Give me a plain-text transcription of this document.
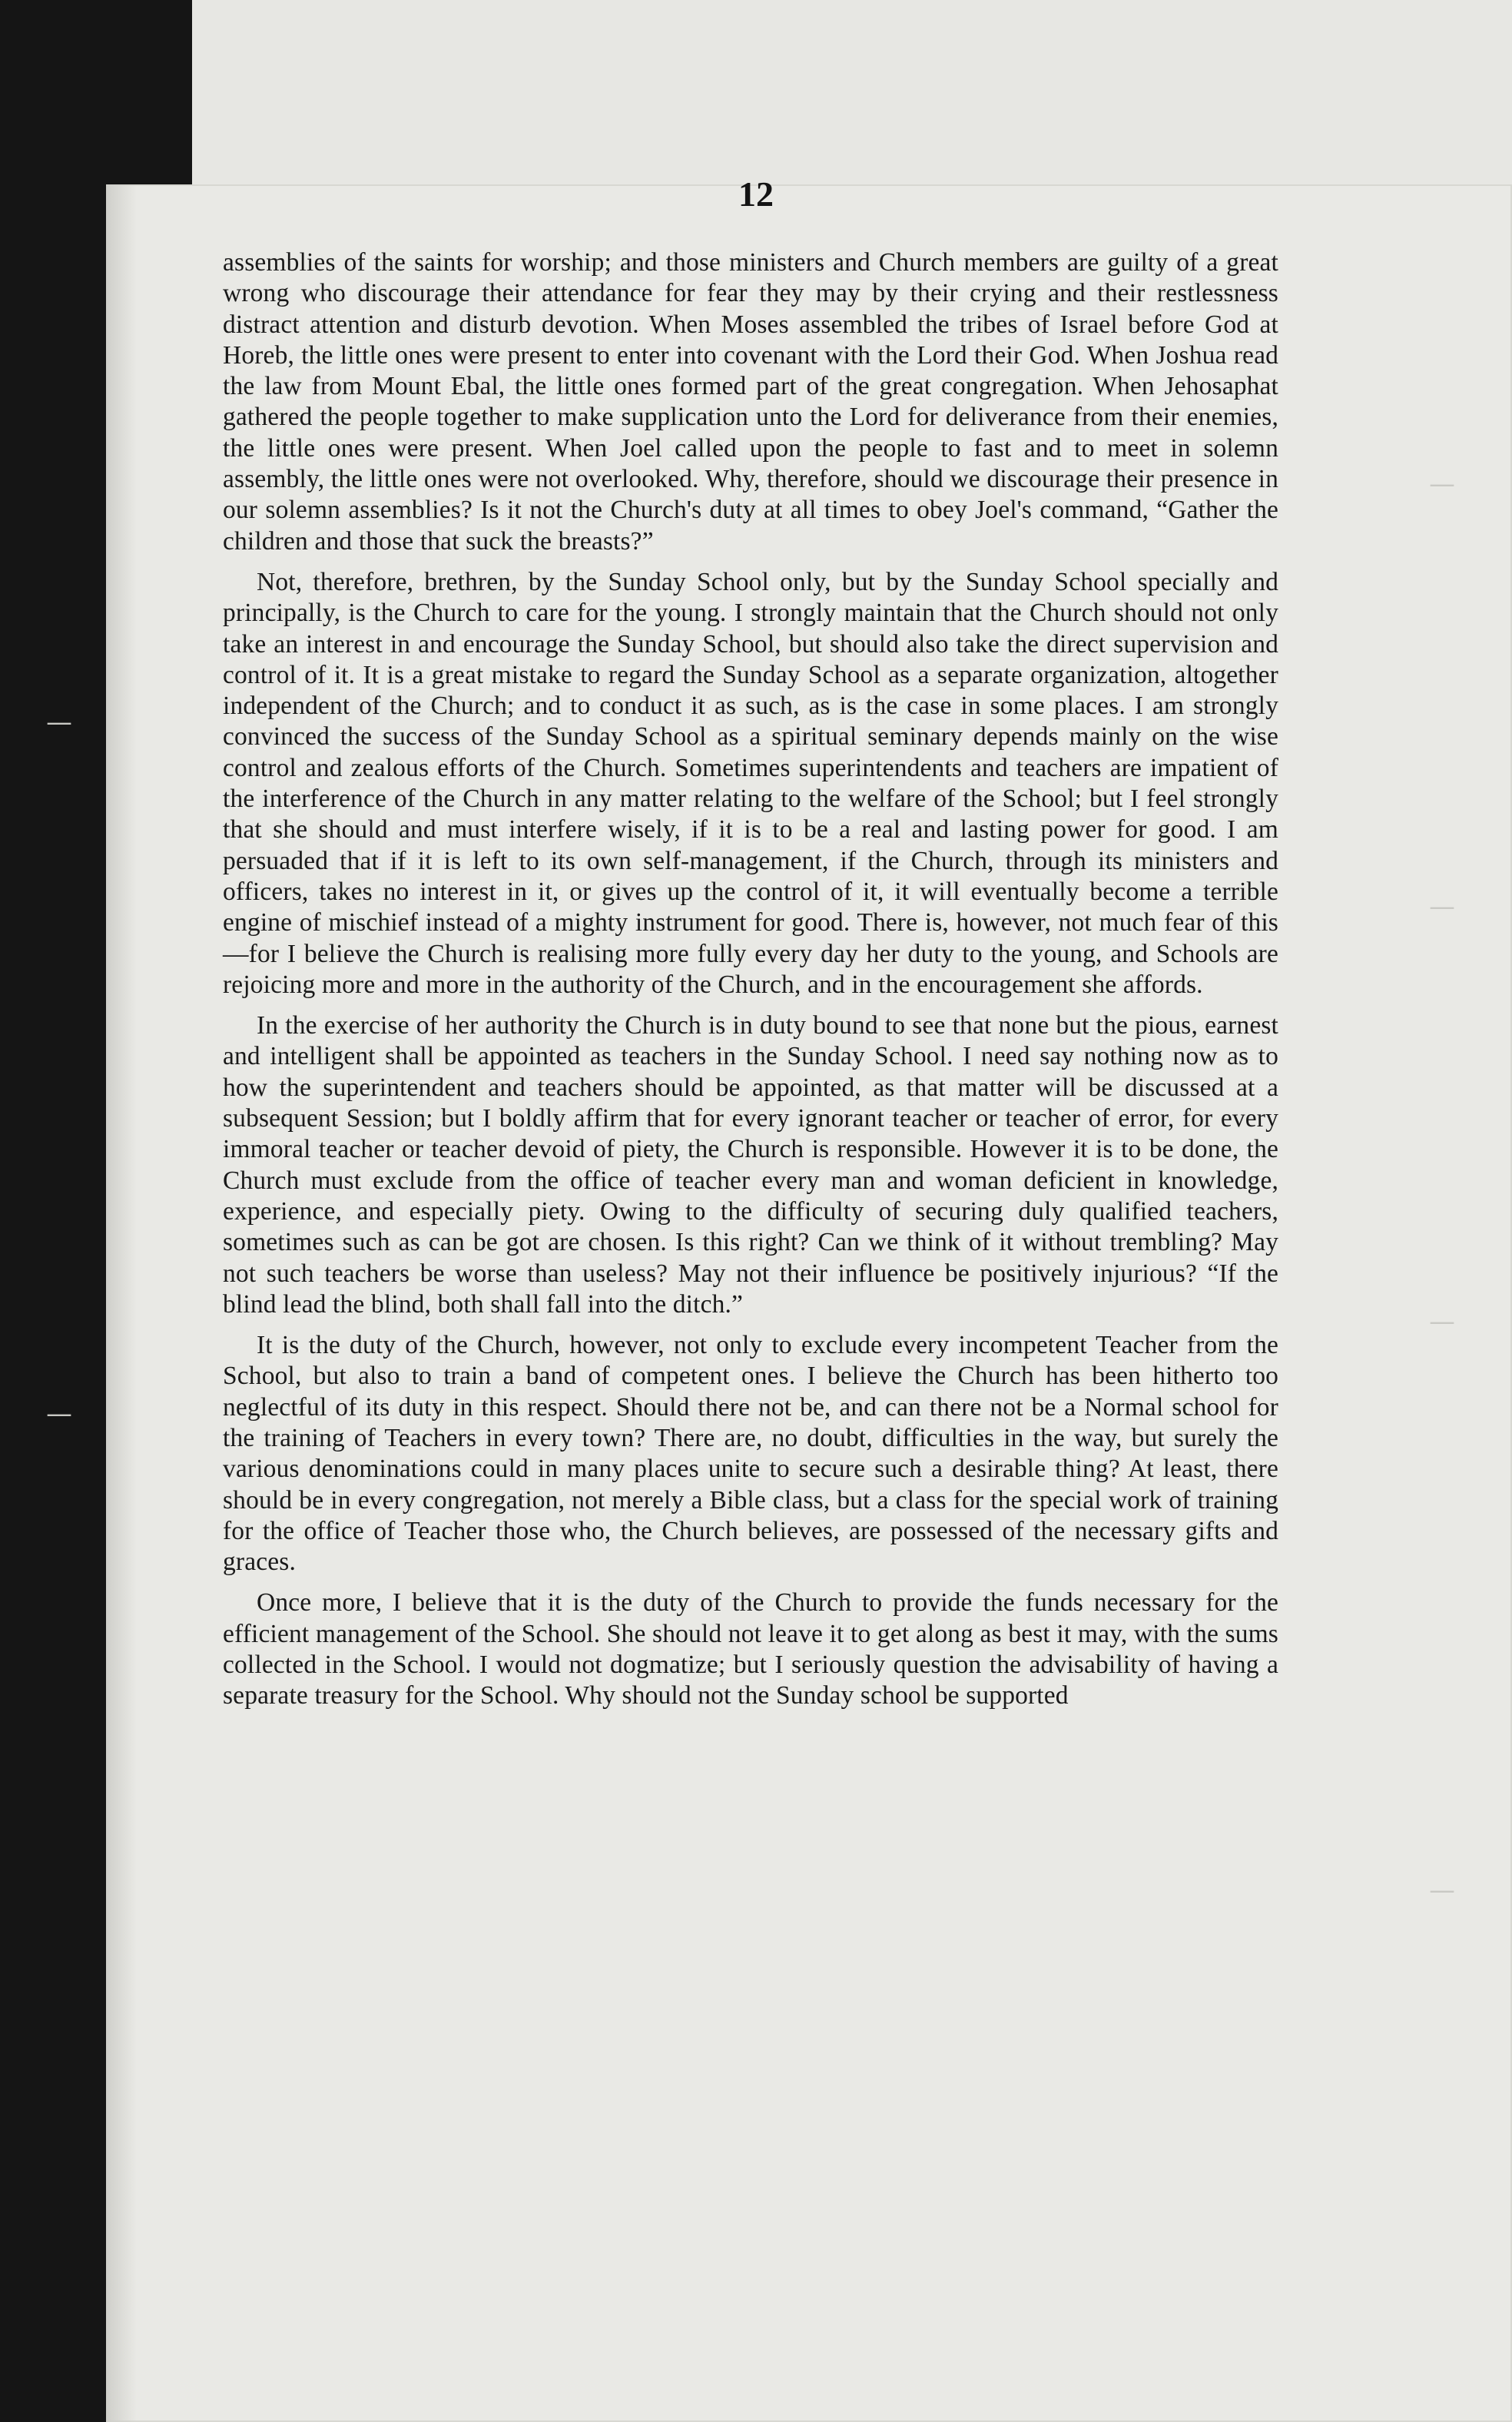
12

assemblies of the saints for worship; and those ministers and Church members are guilty of a great wrong who discourage their attendance for fear they may by their crying and their restlessness distract attention and disturb devotion. When Moses assembled the tribes of Israel before God at Horeb, the little ones were present to enter into covenant with the Lord their God. When Joshua read the law from Mount Ebal, the little ones formed part of the great congregation. When Jehosaphat gathered the people together to make supplication unto the Lord for deliverance from their enemies, the little ones were present. When Joel called upon the people to fast and to meet in solemn assembly, the little ones were not overlooked. Why, therefore, should we discourage their presence in our solemn assemblies? Is it not the Church's duty at all times to obey Joel's command, “Gather the children and those that suck the breasts?”

Not, therefore, brethren, by the Sunday School only, but by the Sunday School specially and principally, is the Church to care for the young. I strongly maintain that the Church should not only take an interest in and encourage the Sunday School, but should also take the direct supervision and control of it. It is a great mistake to regard the Sunday School as a separate organization, altogether independent of the Church; and to conduct it as such, as is the case in some places. I am strongly convinced the success of the Sunday School as a spiritual seminary depends mainly on the wise control and zealous efforts of the Church. Sometimes superintendents and teachers are impatient of the interference of the Church in any matter relating to the welfare of the School; but I feel strongly that she should and must interfere wisely, if it is to be a real and lasting power for good. I am persuaded that if it is left to its own self-management, if the Church, through its ministers and officers, takes no interest in it, or gives up the control of it, it will eventually become a terrible engine of mischief instead of a mighty instrument for good. There is, however, not much fear of this—for I believe the Church is realising more fully every day her duty to the young, and Schools are rejoicing more and more in the authority of the Church, and in the encouragement she affords.

In the exercise of her authority the Church is in duty bound to see that none but the pious, earnest and intelligent shall be appointed as teachers in the Sunday School. I need say nothing now as to how the superintendent and teachers should be appointed, as that matter will be discussed at a subsequent Session; but I boldly affirm that for every ignorant teacher or teacher of error, for every immoral teacher or teacher devoid of piety, the Church is responsible. However it is to be done, the Church must exclude from the office of teacher every man and woman deficient in knowledge, experience, and especially piety. Owing to the difficulty of securing duly qualified teachers, sometimes such as can be got are chosen. Is this right? Can we think of it without trembling? May not such teachers be worse than useless? May not their influence be positively injurious? “If the blind lead the blind, both shall fall into the ditch.”

It is the duty of the Church, however, not only to exclude every incompetent Teacher from the School, but also to train a band of competent ones. I believe the Church has been hitherto too neglectful of its duty in this respect. Should there not be, and can there not be a Normal school for the training of Teachers in every town? There are, no doubt, difficulties in the way, but surely the various denominations could in many places unite to secure such a desirable thing? At least, there should be in every congregation, not merely a Bible class, but a class for the special work of training for the office of Teacher those who, the Church believes, are possessed of the necessary gifts and graces.

Once more, I believe that it is the duty of the Church to provide the funds necessary for the efficient management of the School. She should not leave it to get along as best it may, with the sums collected in the School. I would not dogmatize; but I seriously question the advisability of having a separate treasury for the School. Why should not the Sunday school be supported

—
—
—
—
—
—
